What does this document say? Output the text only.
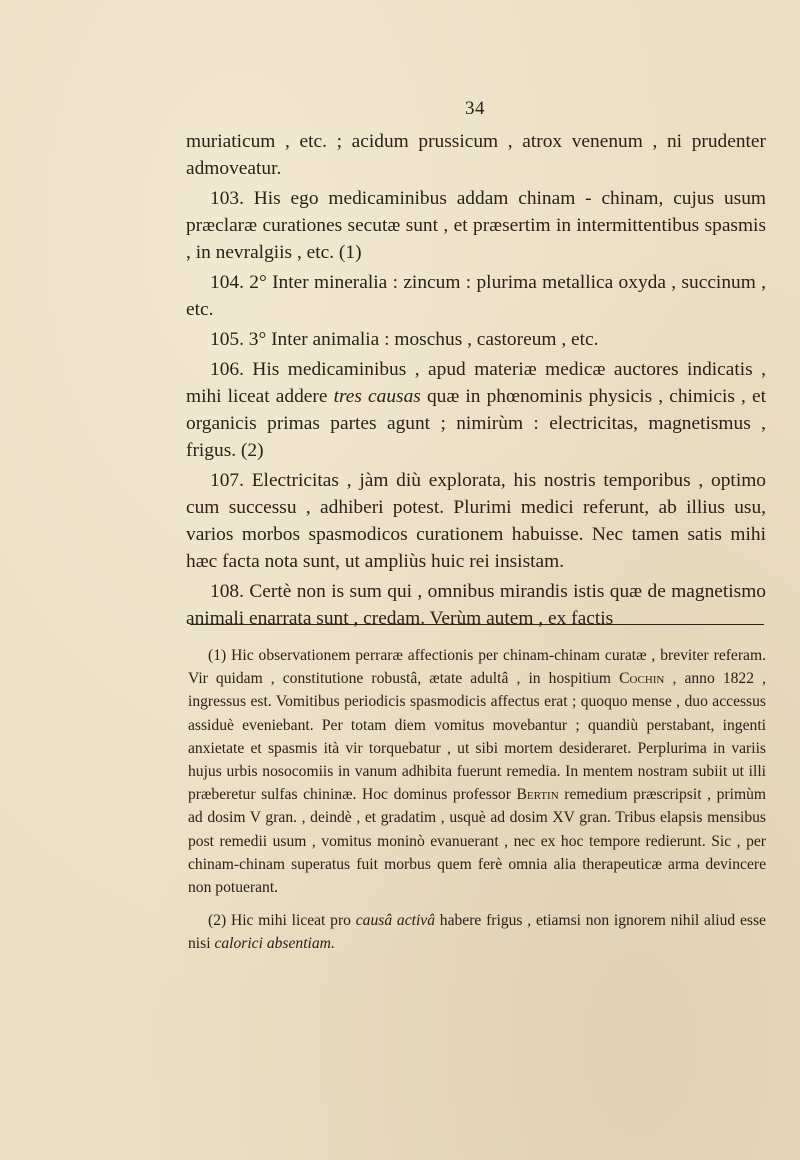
34

muriaticum , etc. ; acidum prussicum , atrox venenum , ni prudenter admoveatur.

103. His ego medicaminibus addam chinam - chinam, cujus usum præclaræ curationes secutæ sunt , et præsertim in intermittentibus spasmis , in nevralgiis , etc. (1)

104. 2° Inter mineralia : zincum : plurima metallica oxyda , succinum , etc.

105. 3° Inter animalia : moschus , castoreum , etc.

106. His medicaminibus , apud materiæ medicæ auctores indicatis , mihi liceat addere tres causas quæ in phœnominis physicis , chimicis , et organicis primas partes agunt ; nimirùm : electricitas, magnetismus , frigus. (2)

107. Electricitas , jàm diù explorata, his nostris temporibus , optimo cum successu , adhiberi potest. Plurimi medici referunt, ab illius usu, varios morbos spasmodicos curationem habuisse. Nec tamen satis mihi hæc facta nota sunt, ut ampliùs huic rei insistam.

108. Certè non is sum qui , omnibus mirandis istis quæ de magnetismo animali enarrata sunt , credam. Verùm autem , ex factis

(1) Hic observationem perraræ affectionis per chinam-chinam curatæ , breviter referam. Vir quidam , constitutione robustâ, ætate adultâ , in hospitium Cochin , anno 1822 , ingressus est. Vomitibus periodicis spasmodicis affectus erat ; quoquo mense , duo accessus assiduè eveniebant. Per totam diem vomitus movebantur ; quandiù perstabant, ingenti anxietate et spasmis ità vir torquebatur , ut sibi mortem desideraret. Perplurima in variis hujus urbis nosocomiis in vanum adhibita fuerunt remedia. In mentem nostram subiit ut illi præberetur sulfas chininæ. Hoc dominus professor Bertin remedium præscripsit , primùm ad dosim V gran. , deindè , et gradatim , usquè ad dosim XV gran. Tribus elapsis mensibus post remedii usum , vomitus moninò evanuerant , nec ex hoc tempore redierunt. Sic , per chinam-chinam superatus fuit morbus quem ferè omnia alia therapeuticæ arma devincere non potuerant.

(2) Hic mihi liceat pro causâ activâ habere frigus , etiamsi non ignorem nihil aliud esse nisi calorici absentiam.
